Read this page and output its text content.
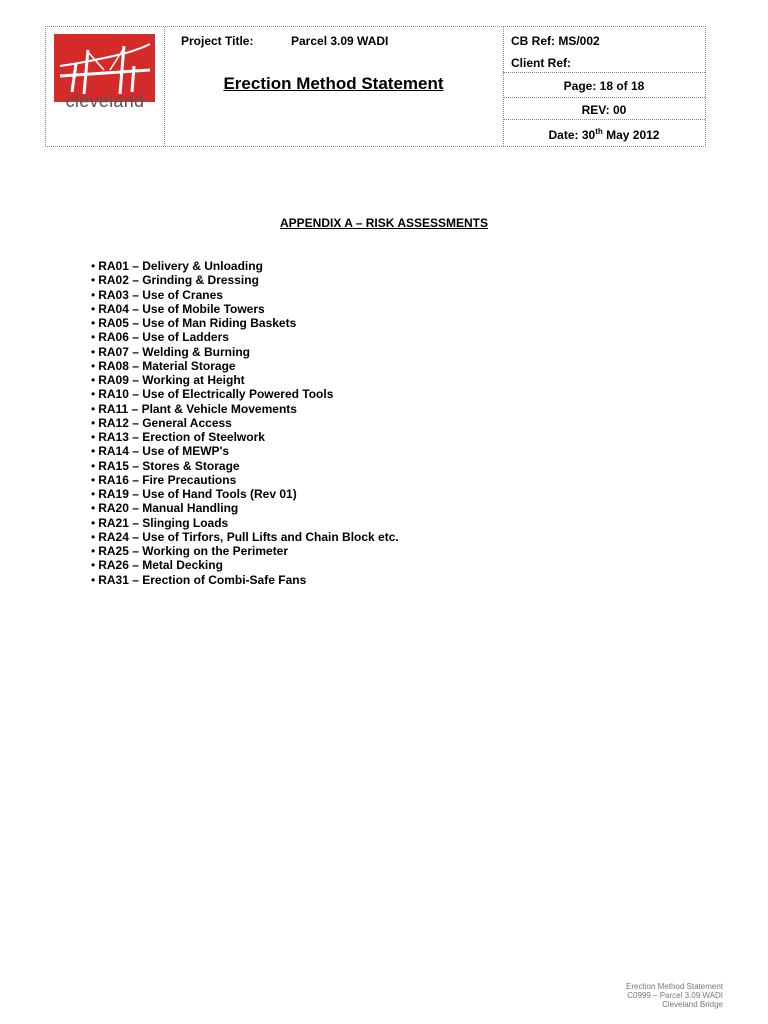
cleveland
Project Title:	Parcel 3.09 WADI
Erection Method Statement
CB Ref: MS/002
Client Ref:
Page: 18 of 18
REV: 00
Date: 30th May 2012
APPENDIX A – RISK ASSESSMENTS
• RA01 – Delivery & Unloading
• RA02 – Grinding & Dressing
• RA03 – Use of Cranes
• RA04 – Use of Mobile Towers
• RA05 – Use of Man Riding Baskets
• RA06 – Use of Ladders
• RA07 – Welding & Burning
• RA08 – Material Storage
• RA09 – Working at Height
• RA10 – Use of Electrically Powered Tools
• RA11 – Plant & Vehicle Movements
• RA12 – General Access
• RA13 – Erection of Steelwork
• RA14 – Use of MEWP's
• RA15 – Stores & Storage
• RA16 – Fire Precautions
• RA19 – Use of Hand Tools (Rev 01)
• RA20 – Manual Handling
• RA21 – Slinging Loads
• RA24 – Use of Tirfors, Pull Lifts and Chain Block etc.
• RA25 – Working on the Perimeter
• RA26 – Metal Decking
• RA31 – Erection of Combi-Safe Fans
Erection Method Statement
C0999 – Parcel 3.09 WADI
Cleveland Bridge
